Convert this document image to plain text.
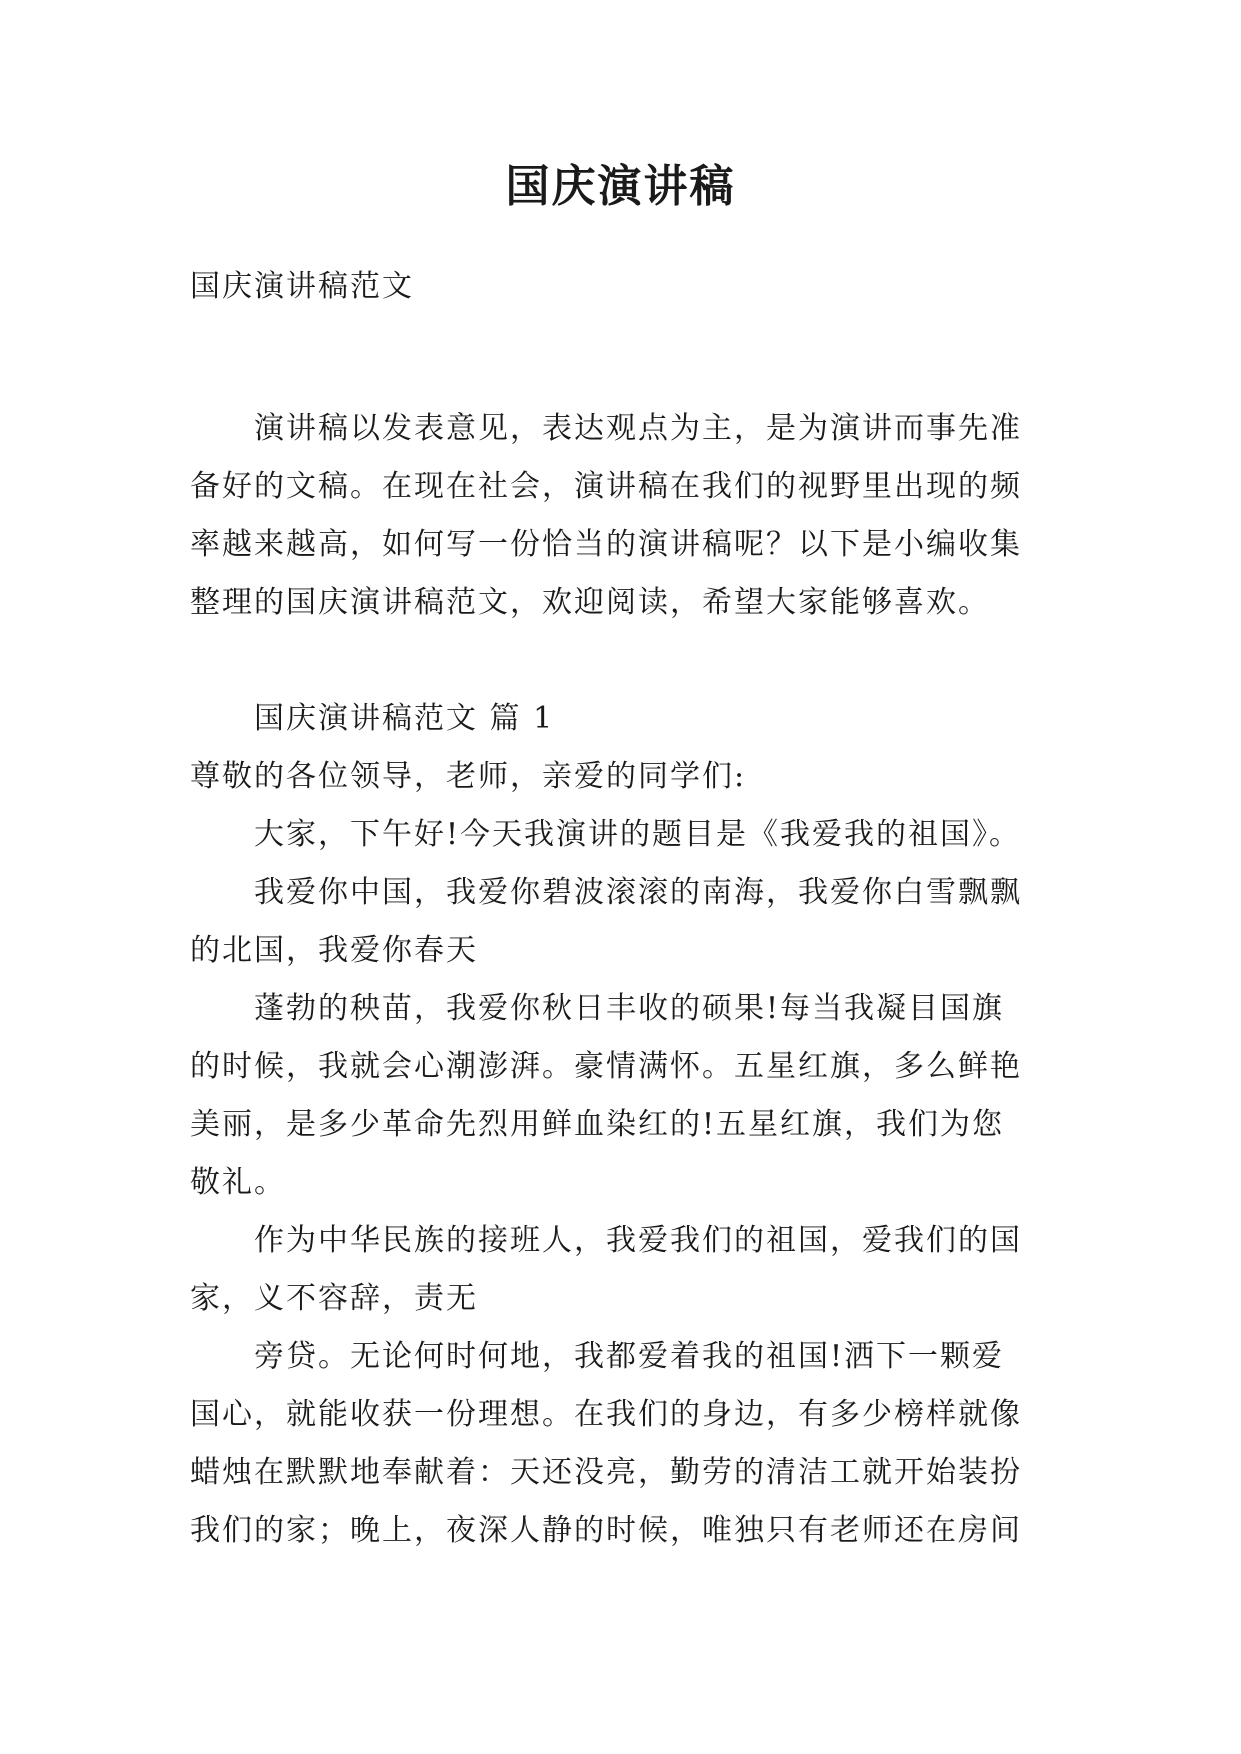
国庆演讲稿
国庆演讲稿范文
演讲稿以发表意见，表达观点为主，是为演讲而事先准
备好的文稿。在现在社会，演讲稿在我们的视野里出现的频
率越来越高，如何写一份恰当的演讲稿呢？以下是小编收集
整理的国庆演讲稿范文，欢迎阅读，希望大家能够喜欢。
国庆演讲稿范文 篇 1
尊敬的各位领导，老师，亲爱的同学们:
大家，下午好!今天我演讲的题目是《我爱我的祖国》。
我爱你中国，我爱你碧波滚滚的南海，我爱你白雪飘飘
的北国，我爱你春天
蓬勃的秧苗，我爱你秋日丰收的硕果!每当我凝目国旗
的时候，我就会心潮澎湃。豪情满怀。五星红旗，多么鲜艳
美丽，是多少革命先烈用鲜血染红的!五星红旗，我们为您
敬礼。
作为中华民族的接班人，我爱我们的祖国，爱我们的国
家，义不容辞，责无
旁贷。无论何时何地，我都爱着我的祖国!洒下一颗爱
国心，就能收获一份理想。在我们的身边，有多少榜样就像
蜡烛在默默地奉献着：天还没亮，勤劳的清洁工就开始装扮
我们的家；晚上，夜深人静的时候，唯独只有老师还在房间
